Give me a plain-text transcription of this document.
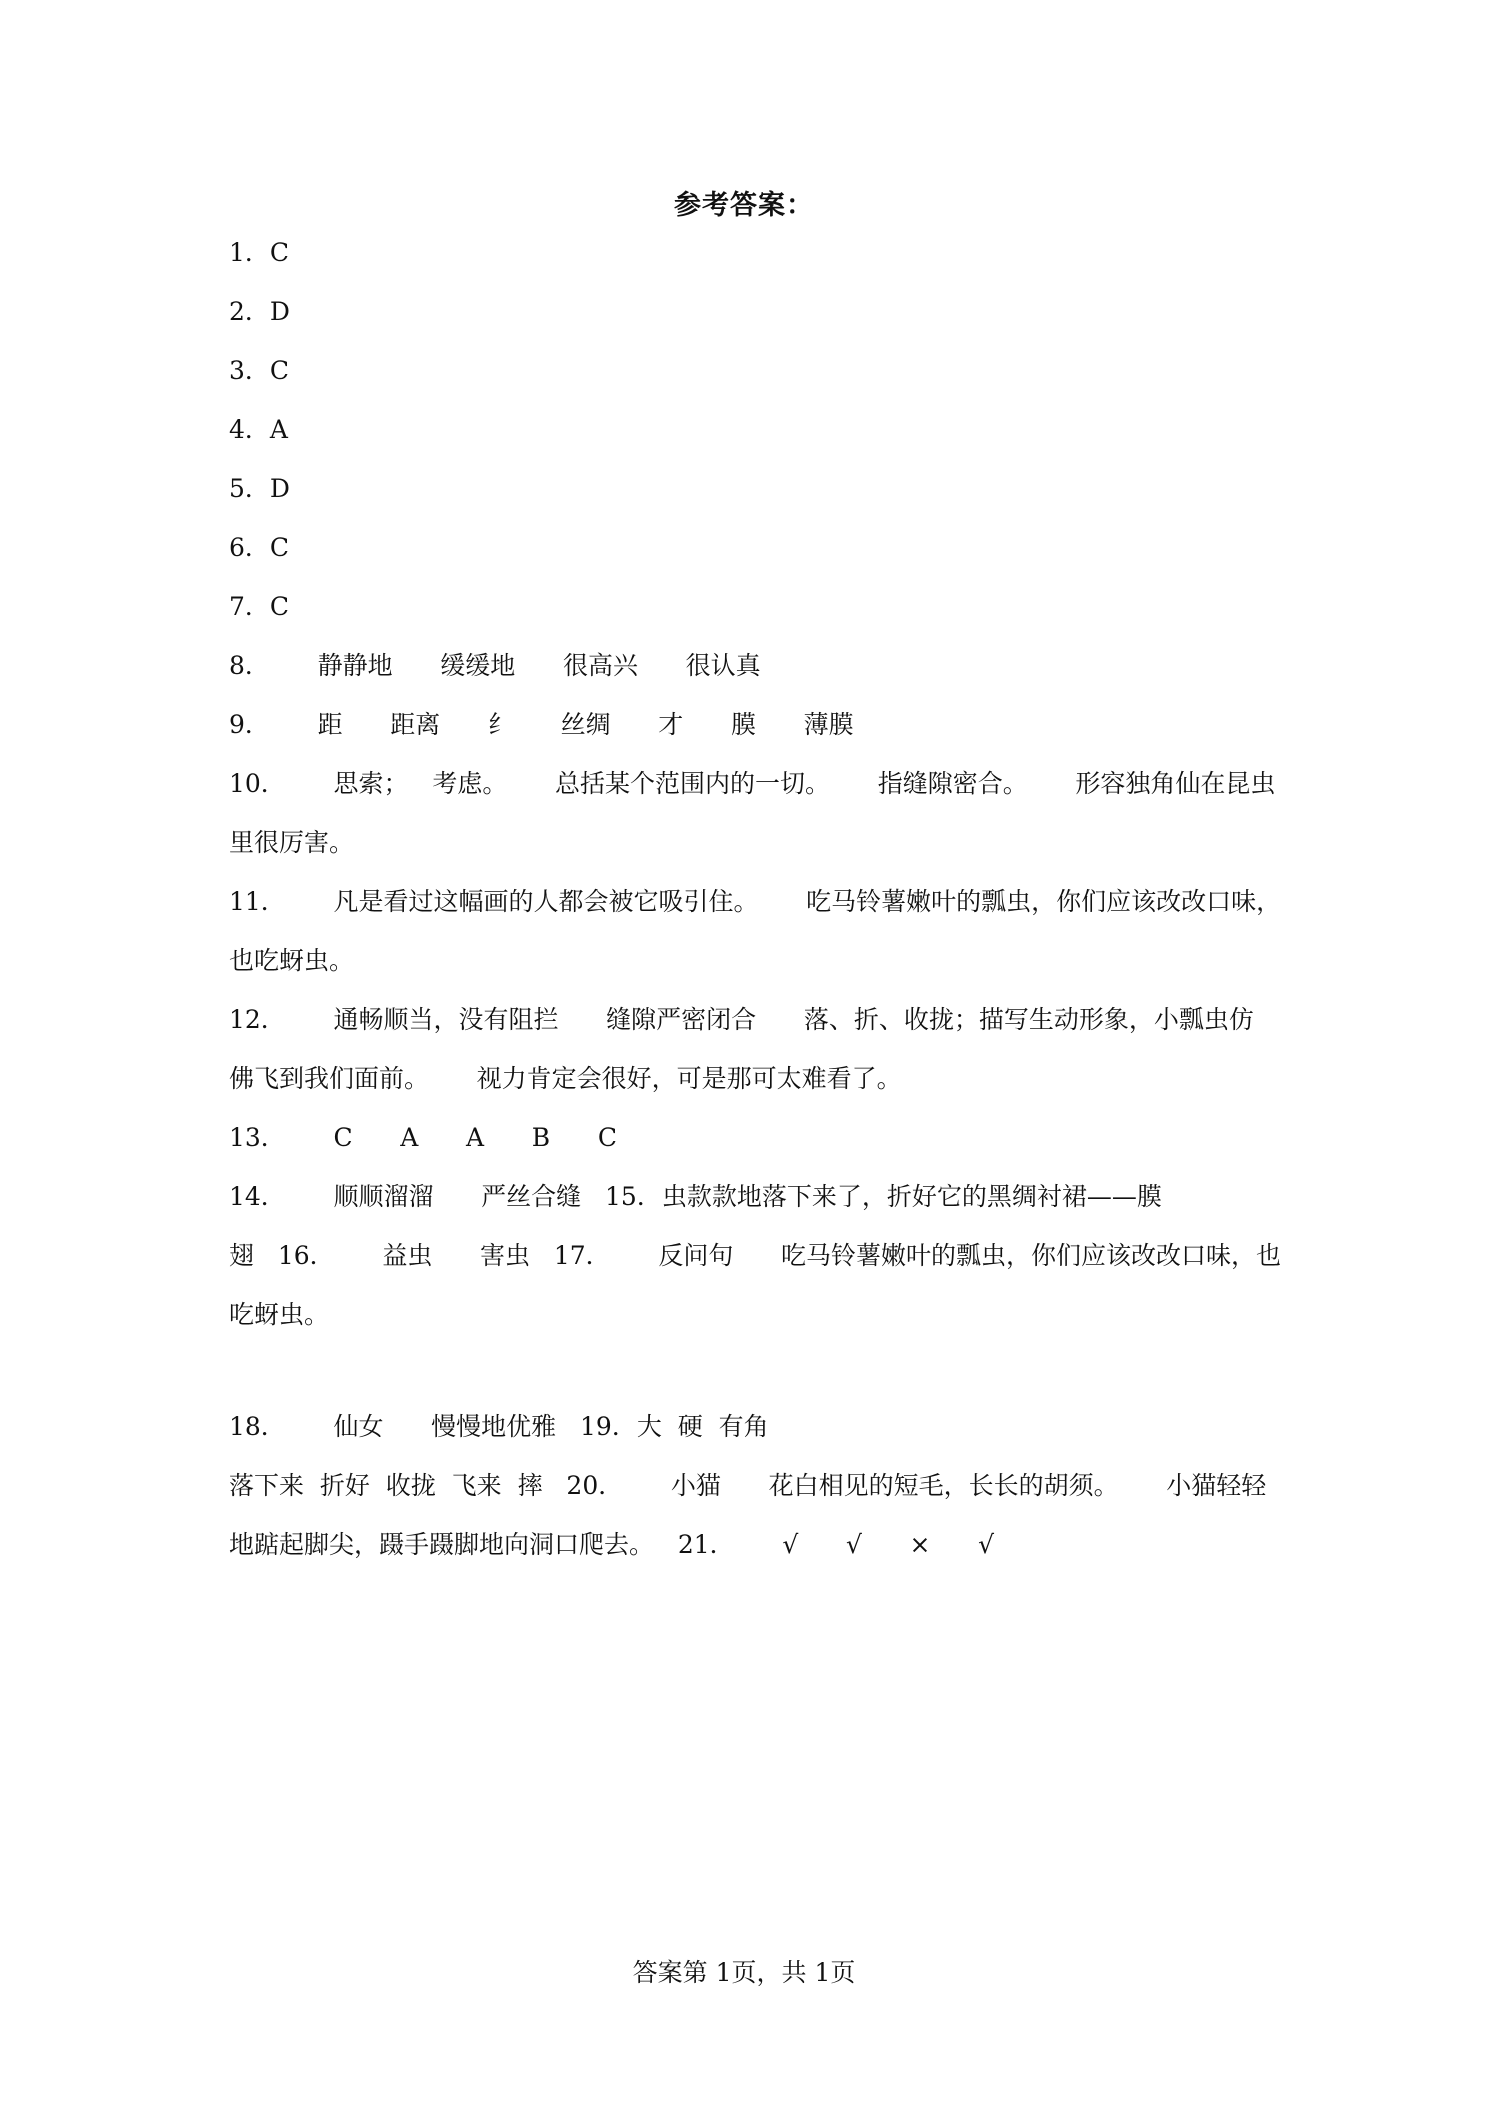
参考答案：
1．C
2．D
3．C
4．A
5．D
6．C
7．C
8．      静静地      缓缓地      很高兴      很认真
9．      距      距离      纟      丝绸      才      膜      薄膜
10．      思索；   考虑。      总括某个范围内的一切。      指缝隙密合。      形容独角仙在昆虫
里很厉害。
11．      凡是看过这幅画的人都会被它吸引住。      吃马铃薯嫩叶的瓢虫，你们应该改改口味，
也吃蚜虫。
12．      通畅顺当，没有阻拦      缝隙严密闭合      落、折、收拢；描写生动形象，小瓢虫仿
佛飞到我们面前。      视力肯定会很好，可是那可太难看了。
13．      C      A      A      B      C
14．      顺顺溜溜      严丝合缝   15．虫款款地落下来了，折好它的黑绸衬裙——膜
翅   16．      益虫      害虫   17．      反问句      吃马铃薯嫩叶的瓢虫，你们应该改改口味，也
吃蚜虫。
18．      仙女      慢慢地优雅   19．大  硬  有角
落下来  折好  收拢  飞来  摔   20．      小猫      花白相见的短毛，长长的胡须。      小猫轻轻
地踮起脚尖，蹑手蹑脚地向洞口爬去。   21．      √      √      ×      √
答案第 1页，共 1页
